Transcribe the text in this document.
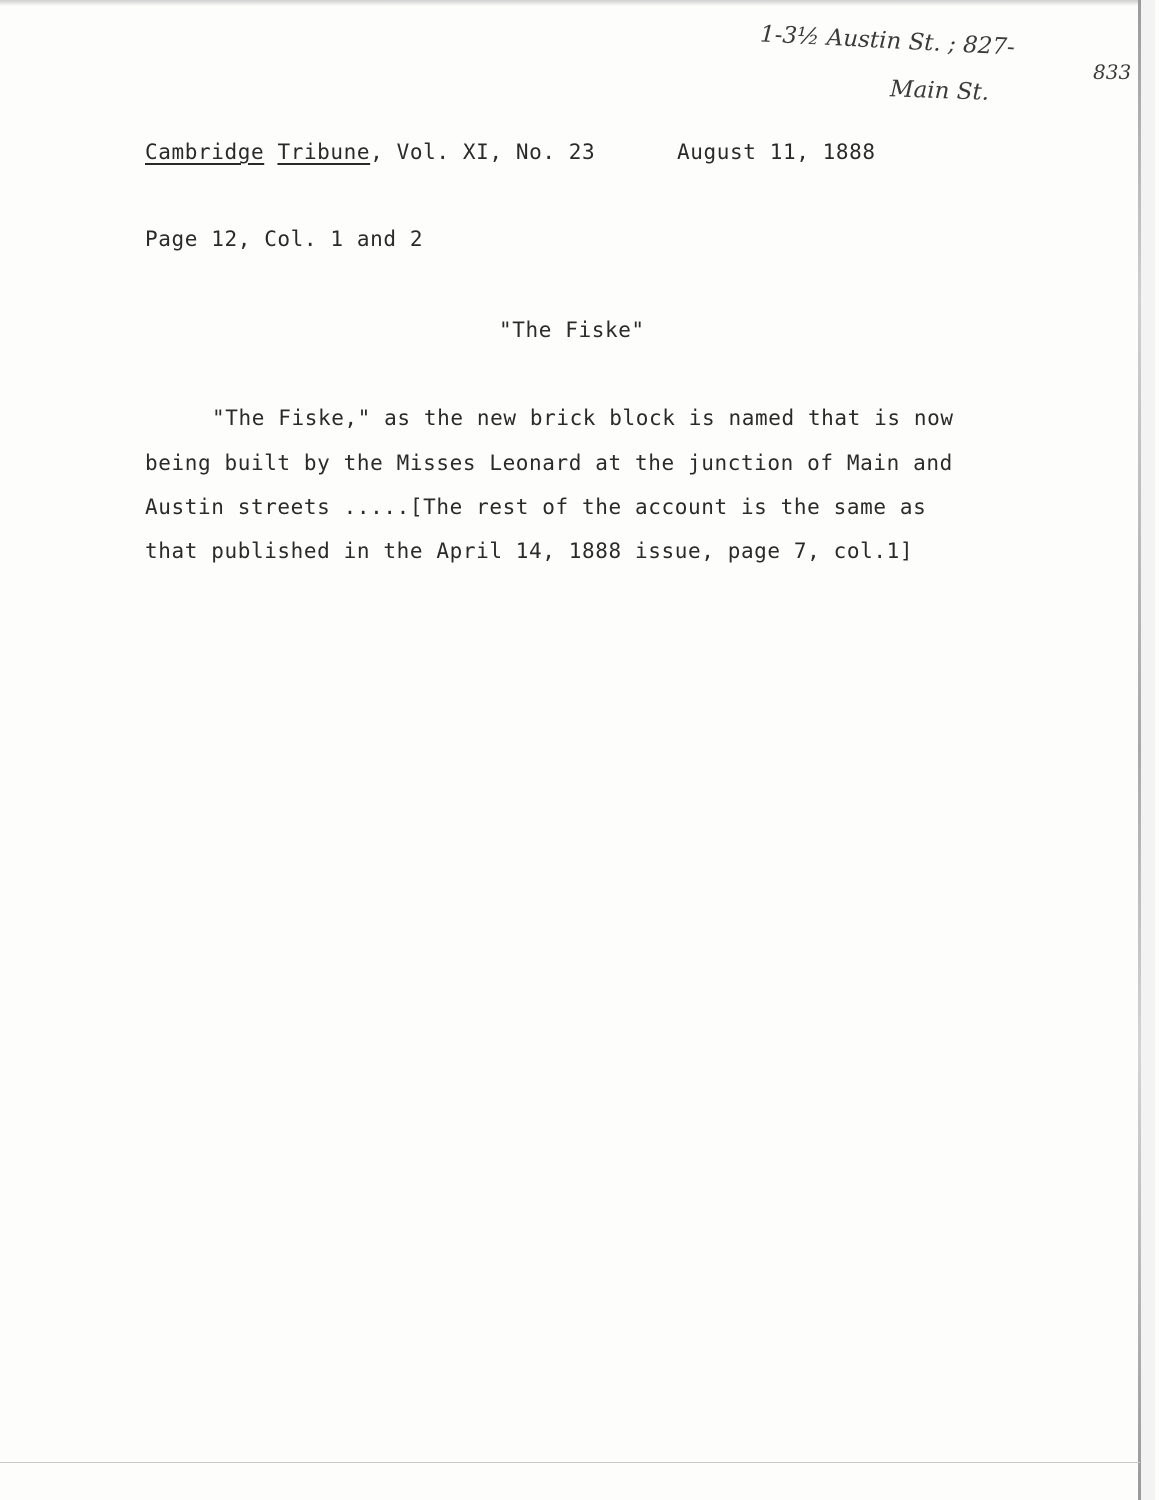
1-3½ Austin St. ; 827-
833
Main St.
Cambridge Tribune, Vol. XI, No. 23	August 11, 1888
Page 12, Col. 1 and 2
"The Fiske"
"The Fiske," as the new brick block is named that is now
being built by the Misses Leonard at the junction of Main and
Austin streets .....[The rest of the account is the same as
that published in the April 14, 1888 issue, page 7, col.1]
